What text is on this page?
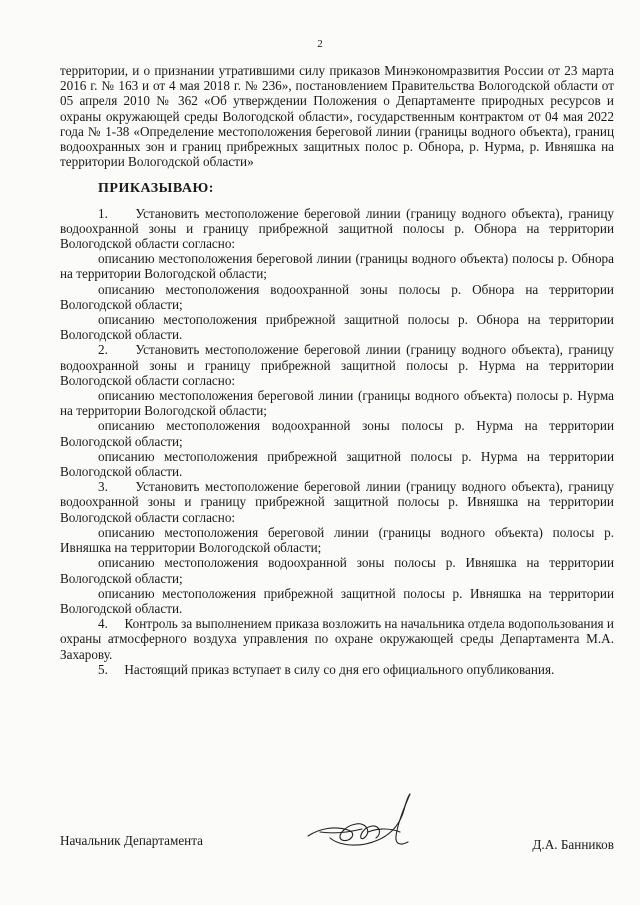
2

территории, и о признании утратившими силу приказов Минэкономразвития России от 23 марта 2016 г. № 163 и от 4 мая 2018 г. № 236», постановлением Правительства Вологодской области от 05 апреля 2010 № 362 «Об утверждении Положения о Департаменте природных ресурсов и охраны окружающей среды Вологодской области», государственным контрактом от 04 мая 2022 года № 1-38 «Определение местоположения береговой линии (границы водного объекта), границ водоохранных зон и границ прибрежных защитных полос р. Обнора, р. Нурма, р. Ивняшка на территории Вологодской области»

ПРИКАЗЫВАЮ:

1.     Установить местоположение береговой линии (границу водного объекта), границу водоохранной зоны и границу прибрежной защитной полосы р. Обнора на территории Вологодской области согласно:

описанию местоположения береговой линии (границы водного объекта) полосы р. Обнора на территории Вологодской области;

описанию местоположения водоохранной зоны полосы р. Обнора на территории Вологодской области;

описанию местоположения прибрежной защитной полосы р. Обнора на территории Вологодской области.

2.     Установить местоположение береговой линии (границу водного объекта), границу водоохранной зоны и границу прибрежной защитной полосы р. Нурма на территории Вологодской области согласно:

описанию местоположения береговой линии (границы водного объекта) полосы р. Нурма на территории Вологодской области;

описанию местоположения водоохранной зоны полосы р. Нурма на территории Вологодской области;

описанию местоположения прибрежной защитной полосы р. Нурма на территории Вологодской области.

3.     Установить местоположение береговой линии (границу водного объекта), границу водоохранной зоны и границу прибрежной защитной полосы р. Ивняшка на территории Вологодской области согласно:

описанию местоположения береговой линии (границы водного объекта) полосы р. Ивняшка на территории Вологодской области;

описанию местоположения водоохранной зоны полосы р. Ивняшка на территории Вологодской области;

описанию местоположения прибрежной защитной полосы р. Ивняшка на территории Вологодской области.

4.     Контроль за выполнением приказа возложить на начальника отдела водопользования и охраны атмосферного воздуха управления по охране окружающей среды Департамента М.А. Захарову.

5.     Настоящий приказ вступает в силу со дня его официального опубликования.

Начальник Департамента	Д.А. Банников
